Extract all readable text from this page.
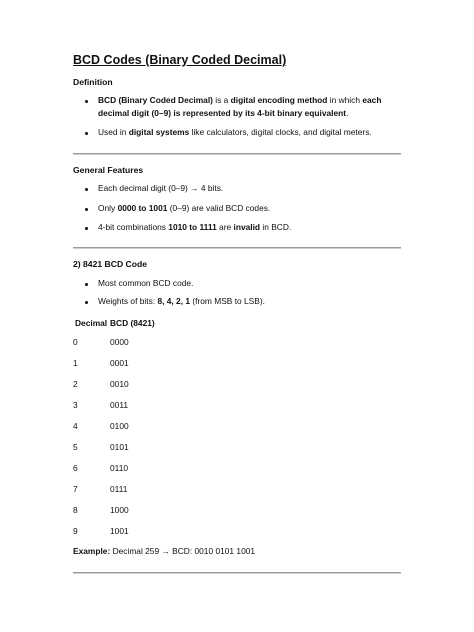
BCD Codes (Binary Coded Decimal)
Definition
BCD (Binary Coded Decimal) is a digital encoding method in which each decimal digit (0–9) is represented by its 4-bit binary equivalent.
Used in digital systems like calculators, digital clocks, and digital meters.
General Features
Each decimal digit (0–9) → 4 bits.
Only 0000 to 1001 (0–9) are valid BCD codes.
4-bit combinations 1010 to 1111 are invalid in BCD.
2) 8421 BCD Code
Most common BCD code.
Weights of bits: 8, 4, 2, 1 (from MSB to LSB).
Decimal BCD (8421)
0	0000
1	0001
2	0010
3	0011
4	0100
5	0101
6	0110
7	0111
8	1000
9	1001
Example: Decimal 259 → BCD: 0010 0101 1001
